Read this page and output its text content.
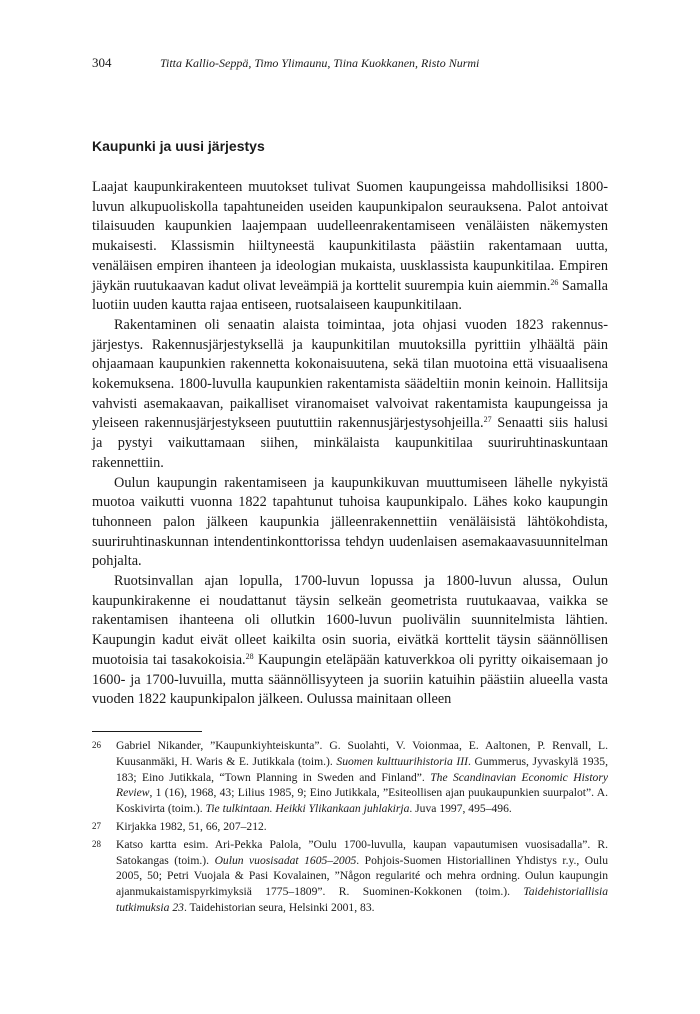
304	Titta Kallio-Seppä, Timo Ylimaunu, Tiina Kuokkanen, Risto Nurmi
Kaupunki ja uusi järjestys

Laajat kaupunkirakenteen muutokset tulivat Suomen kaupungeissa mahdollisiksi 1800-luvun alkupuoliskolla tapahtuneiden useiden kaupunkipalon seurauksena. Palot antoivat tilaisuuden kaupunkien laajempaan uudelleenrakentamiseen venäläisten näkemysten mukaisesti. Klassismin hiiltyneestä kaupunkitilasta päästiin rakentamaan uutta, venäläisen empiren ihanteen ja ideologian mukaista, uusklassista kaupunkitilaa. Empiren jäykän ruutukaavan kadut olivat leveämpiä ja korttelit suurempia kuin aiemmin.$^{26}$ Samalla luotiin uuden kautta rajaa entiseen, ruotsalaiseen kaupunkitilaan.

Rakentaminen oli senaatin alaista toimintaa, jota ohjasi vuoden 1823 rakennusjärjestys. Rakennusjärjestyksellä ja kaupunkitilan muutoksilla pyrittiin ylhäältä päin ohjaamaan kaupunkien rakennetta kokonaisuutena, sekä tilan muotoina että visuaalisena kokemuksena. 1800-luvulla kaupunkien rakentamista säädeltiin monin keinoin. Hallitsija vahvisti asemakaavan, paikalliset viranomaiset valvoivat rakentamista kaupungeissa ja yleiseen rakennusjärjestykseen puututtiin rakennusjärjestysohjeilla.$^{27}$ Senaatti siis halusi ja pystyi vaikuttamaan siihen, minkälaista kaupunkitilaa suuriruhtinaskuntaan rakennettiin.

Oulun kaupungin rakentamiseen ja kaupunkikuvan muuttumiseen lähelle nykyistä muotoa vaikutti vuonna 1822 tapahtunut tuhoisa kaupunkipalo. Lähes koko kaupungin tuhonneen palon jälkeen kaupunkia jälleenrakennettiin venäläisistä lähtökohdista, suuriruhtinaskunnan intendentinkonttorissa tehdyn uudenlaisen asemakaavasuunnitelman pohjalta.

Ruotsinvallan ajan lopulla, 1700-luvun lopussa ja 1800-luvun alussa, Oulun kaupunkirakenne ei noudattanut täysin selkeän geometrista ruutukaavaa, vaikka se rakentamisen ihanteena oli ollutkin 1600-luvun puolivälin suunnitelmista lähtien. Kaupungin kadut eivät olleet kaikilta osin suoria, eivätkä korttelit täysin säännöllisen muotoisia tai tasakokoisia.$^{28}$ Kaupungin eteläpään katuverkkoa oli pyritty oikaisemaan jo 1600- ja 1700-luvuilla, mutta säännöllisyyteen ja suoriin katuihin päästiin alueella vasta vuoden 1822 kaupunkipalon jälkeen. Oulussa mainitaan olleen

26 Gabriel Nikander, ”Kaupunkiyhteiskunta”. G. Suolahti, V. Voionmaa, E. Aaltonen, P. Renvall, L. Kuusanmäki, H. Waris & E. Jutikkala (toim.). Suomen kulttuurihistoria III. Gummerus, Jyvaskylä 1935, 183; Eino Jutikkala, “Town Planning in Sweden and Finland”. The Scandinavian Economic History Review, 1 (16), 1968, 43; Lilius 1985, 9; Eino Jutikkala, ”Esiteollisen ajan puukaupunkien suurpalot”. A. Koskivirta (toim.). Tie tulkintaan. Heikki Ylikankaan juhlakirja. Juva 1997, 495–496.
27 Kirjakka 1982, 51, 66, 207–212.
28 Katso kartta esim. Ari-Pekka Palola, ”Oulu 1700-luvulla, kaupan vapautumisen vuosisadalla”. R. Satokangas (toim.). Oulun vuosisadat 1605–2005. Pohjois-Suomen Historiallinen Yhdistys r.y., Oulu 2005, 50; Petri Vuojala & Pasi Kovalainen, ”Någon regularité och mehra ordning. Oulun kaupungin ajanmukaistamispyrkimyksiä 1775–1809”. R. Suominen-Kokkonen (toim.). Taidehistoriallisia tutkimuksia 23. Taidehistorian seura, Helsinki 2001, 83.
